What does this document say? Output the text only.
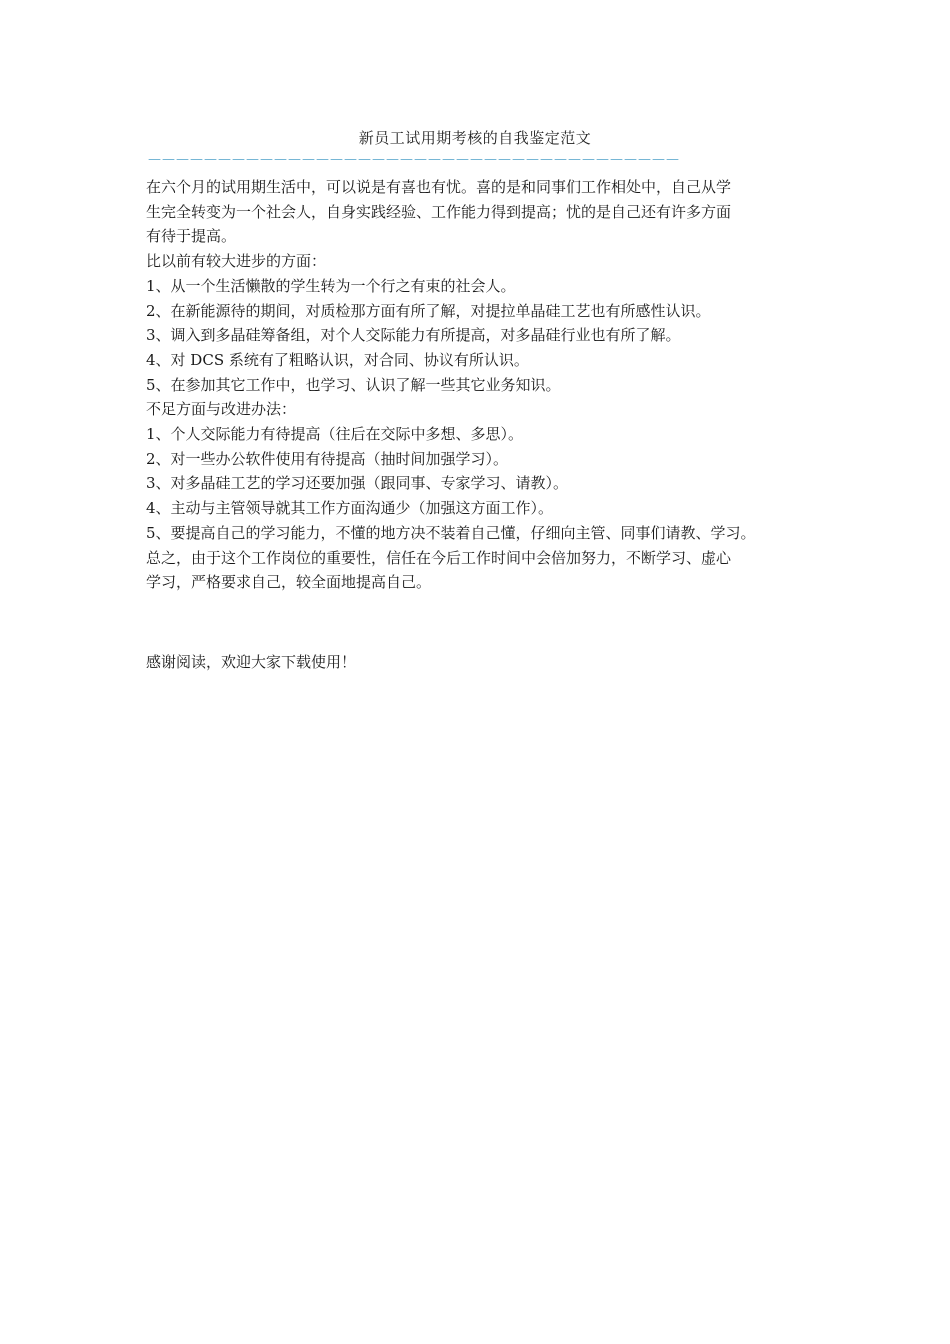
新员工试用期考核的自我鉴定范文
——————————————————————————————————————
在六个月的试用期生活中，可以说是有喜也有忧。喜的是和同事们工作相处中，自己从学
生完全转变为一个社会人，自身实践经验、工作能力得到提高；忧的是自己还有许多方面
有待于提高。
比以前有较大进步的方面：
1、从一个生活懒散的学生转为一个行之有束的社会人。
2、在新能源待的期间，对质检那方面有所了解，对提拉单晶硅工艺也有所感性认识。
3、调入到多晶硅筹备组，对个人交际能力有所提高，对多晶硅行业也有所了解。
4、对 DCS 系统有了粗略认识，对合同、协议有所认识。
5、在参加其它工作中，也学习、认识了解一些其它业务知识。
不足方面与改进办法：
1、个人交际能力有待提高（往后在交际中多想、多思）。
2、对一些办公软件使用有待提高（抽时间加强学习）。
3、对多晶硅工艺的学习还要加强（跟同事、专家学习、请教）。
4、主动与主管领导就其工作方面沟通少（加强这方面工作）。
5、要提高自己的学习能力，不懂的地方决不装着自己懂，仔细向主管、同事们请教、学习。
总之，由于这个工作岗位的重要性，信任在今后工作时间中会倍加努力，不断学习、虚心
学习，严格要求自己，较全面地提高自己。
感谢阅读，欢迎大家下载使用！
